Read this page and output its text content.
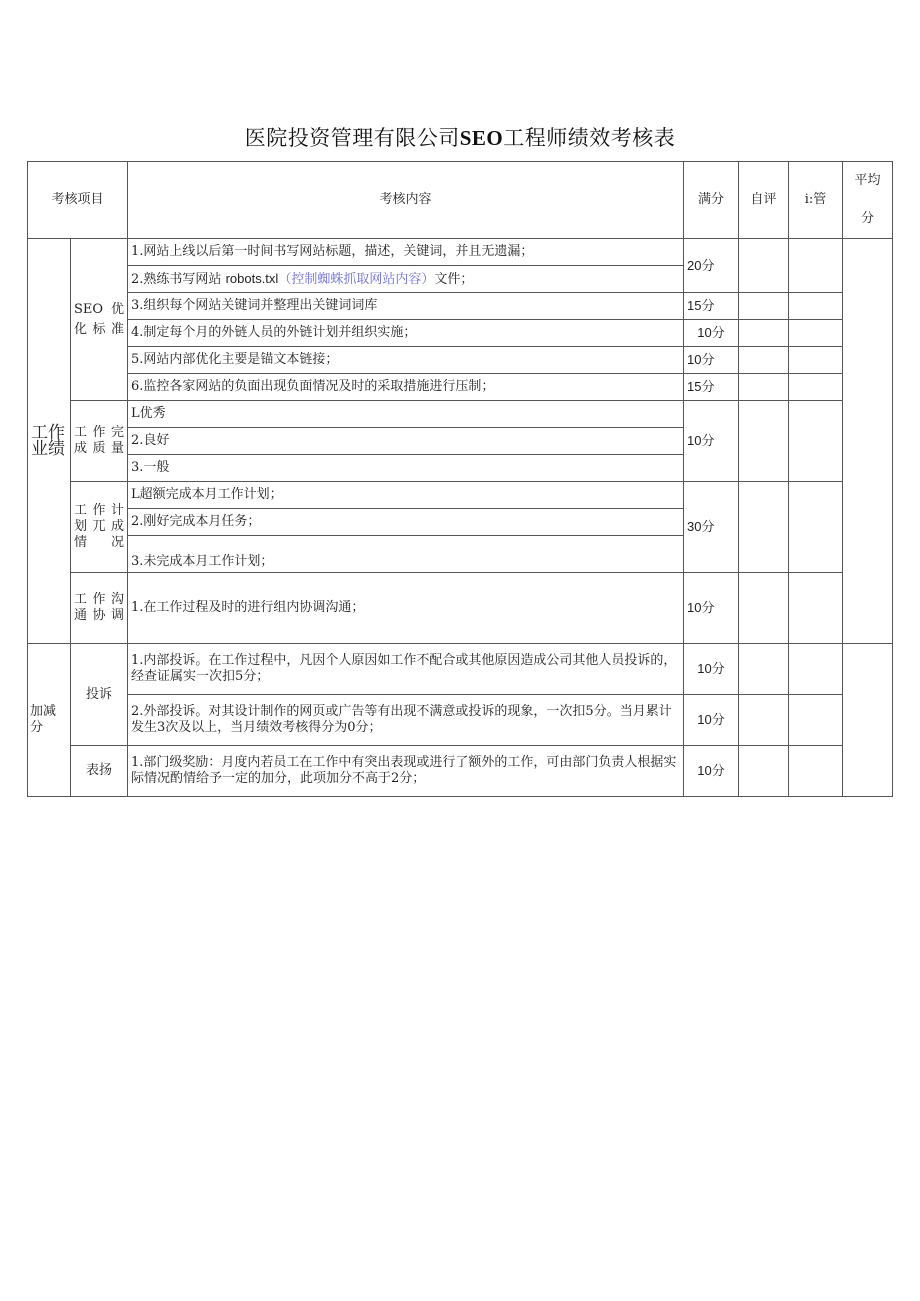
医院投资管理有限公司SEO工程师绩效考核表
考核项目		考核内容	满分	自评	i:管	平均
分

工作业绩	SEO优化标准	1.网站上线以后第一时间书写网站标题，描述，关键词，并且无遗漏；	20分			
		2.熟练书写网站 robots.txl（控制蜘蛛抓取网站内容）文件；				
		3.组织每个网站关键词并整理出关键词词库	15分			
		4.制定每个月的外链人员的外链计划并组织实施；	10分			
		5.网站内部优化主要是锚文本链接；	10分			
		6.监控各家网站的负面出现负面情况及时的采取措施进行压制；	15分			
	工作完成质量	L优秀	10分			
		2.良好				
		3.一般				
	工作计划兀成情况	L超额完成本月工作计划；	30分			
		2.刚好完成本月任务；				
		3.未完成本月工作计划；				
	工作沟通协调	1.在工作过程及时的进行组内协调沟通；	10分			
加减分	投诉	1.内部投诉。在工作过程中，凡因个人原因如工作不配合或其他原因造成公司其他人员投诉的，经查证属实一次扣5分；	10分			
		2.外部投诉。对其设计制作的网页或广告等有出现不满意或投诉的现象，一次扣5分。当月累计发生3次及以上，当月绩效考核得分为0分；	10分			
	表扬	1.部门级奖励：月度内若员工在工作中有突出表现或进行了额外的工作，可由部门负责人根据实际情况酌情给予一定的加分，此项加分不高于2分；	10分			
